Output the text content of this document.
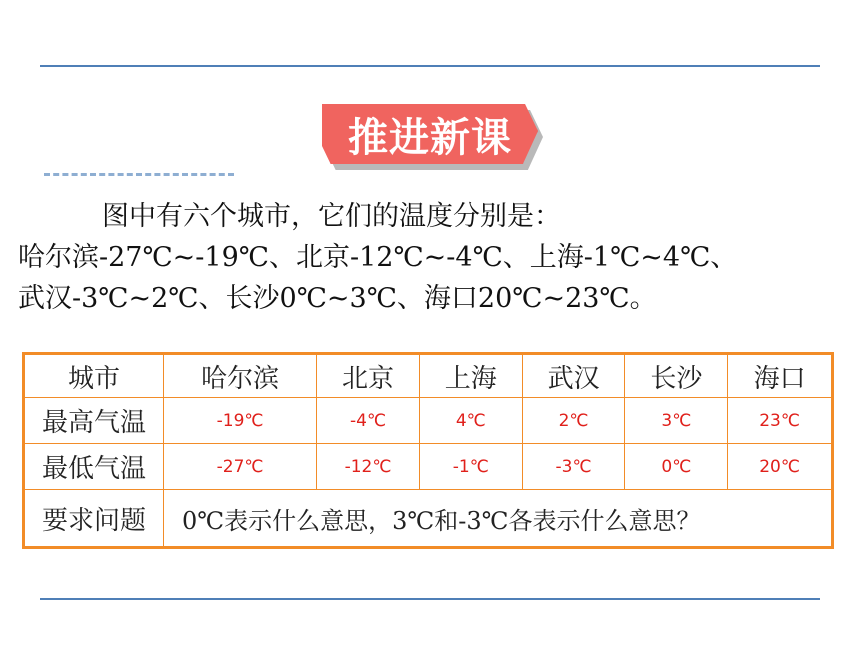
推进新课
图中有六个城市，它们的温度分别是：
哈尔滨-27℃~-19℃、北京-12℃~-4℃、上海-1℃~4℃、
武汉-3℃~2℃、长沙0℃~3℃、海口20℃~23℃。
城市	哈尔滨	北京	上海	武汉	长沙	海口
最高气温	-19℃	-4℃	4℃	2℃	3℃	23℃
最低气温	-27℃	-12℃	-1℃	-3℃	0℃	20℃
要求问题	0℃表示什么意思，3℃和-3℃各表示什么意思？					
